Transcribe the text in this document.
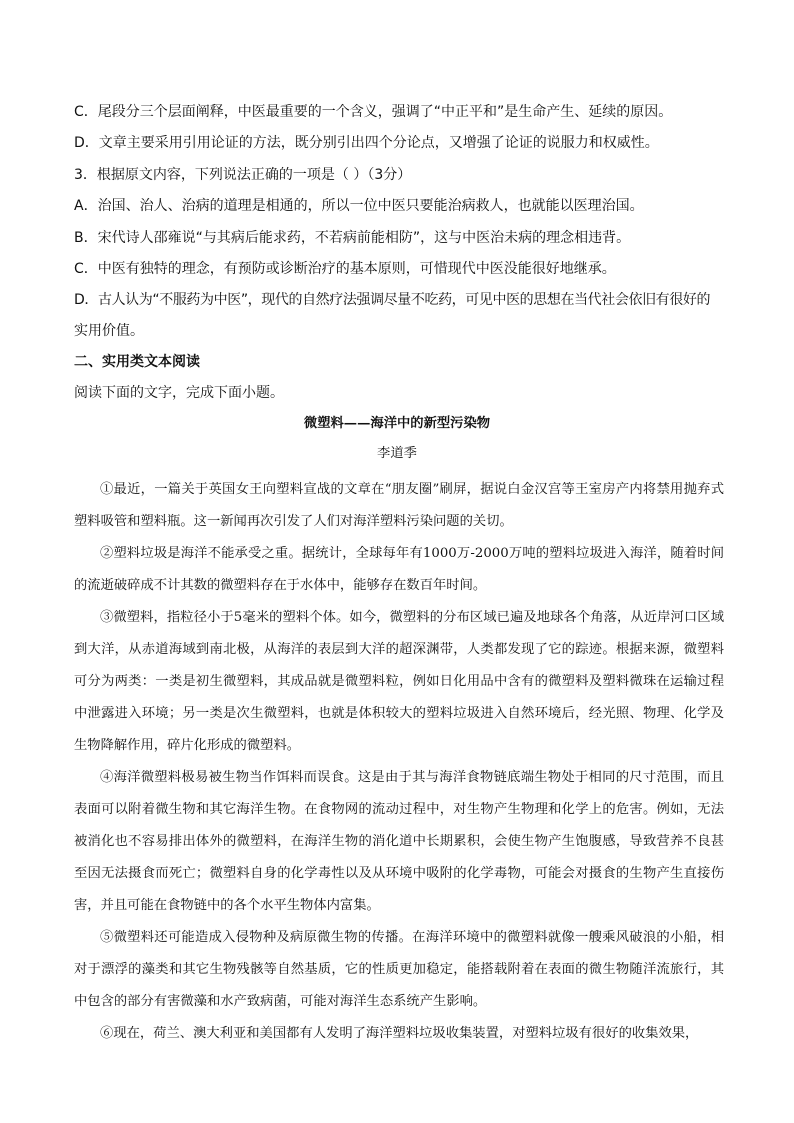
C．尾段分三个层面阐释，中医最重要的一个含义，强调了“中正平和”是生命产生、延续的原因。
D．文章主要采用引用论证的方法，既分别引出四个分论点，又增强了论证的说服力和权威性。
3．根据原文内容，下列说法正确的一项是（ ）（3分）
A．治国、治人、治病的道理是相通的，所以一位中医只要能治病救人，也就能以医理治国。
B．宋代诗人邵雍说“与其病后能求药，不若病前能相防”，这与中医治未病的理念相违背。
C．中医有独特的理念，有预防或诊断治疗的基本原则，可惜现代中医没能很好地继承。
D．古人认为“不服药为中医”，现代的自然疗法强调尽量不吃药，可见中医的思想在当代社会依旧有很好的
实用价值。
二、实用类文本阅读
阅读下面的文字，完成下面小题。
微塑料——海洋中的新型污染物
李道季

①最近，一篇关于英国女王向塑料宣战的文章在“朋友圈”刷屏，据说白金汉宫等王室房产内将禁用抛弃式塑料吸管和塑料瓶。这一新闻再次引发了人们对海洋塑料污染问题的关切。

②塑料垃圾是海洋不能承受之重。据统计，全球每年有1000万-2000万吨的塑料垃圾进入海洋，随着时间的流逝破碎成不计其数的微塑料存在于水体中，能够存在数百年时间。

③微塑料，指粒径小于5毫米的塑料个体。如今，微塑料的分布区域已遍及地球各个角落，从近岸河口区域到大洋，从赤道海域到南北极，从海洋的表层到大洋的超深渊带，人类都发现了它的踪迹。根据来源，微塑料可分为两类：一类是初生微塑料，其成品就是微塑料粒，例如日化用品中含有的微塑料及塑料微珠在运输过程中泄露进入环境；另一类是次生微塑料，也就是体积较大的塑料垃圾进入自然环境后，经光照、物理、化学及生物降解作用，碎片化形成的微塑料。

④海洋微塑料极易被生物当作饵料而误食。这是由于其与海洋食物链底端生物处于相同的尺寸范围，而且表面可以附着微生物和其它海洋生物。在食物网的流动过程中，对生物产生物理和化学上的危害。例如，无法被消化也不容易排出体外的微塑料，在海洋生物的消化道中长期累积，会使生物产生饱腹感，导致营养不良甚至因无法摄食而死亡；微塑料自身的化学毒性以及从环境中吸附的化学毒物，可能会对摄食的生物产生直接伤害，并且可能在食物链中的各个水平生物体内富集。

⑤微塑料还可能造成入侵物种及病原微生物的传播。在海洋环境中的微塑料就像一艘乘风破浪的小船，相对于漂浮的藻类和其它生物残骸等自然基质，它的性质更加稳定，能搭载附着在表面的微生物随洋流旅行，其中包含的部分有害微藻和水产致病菌，可能对海洋生态系统产生影响。

⑥现在，荷兰、澳大利亚和美国都有人发明了海洋塑料垃圾收集装置，对塑料垃圾有很好的收集效果，
